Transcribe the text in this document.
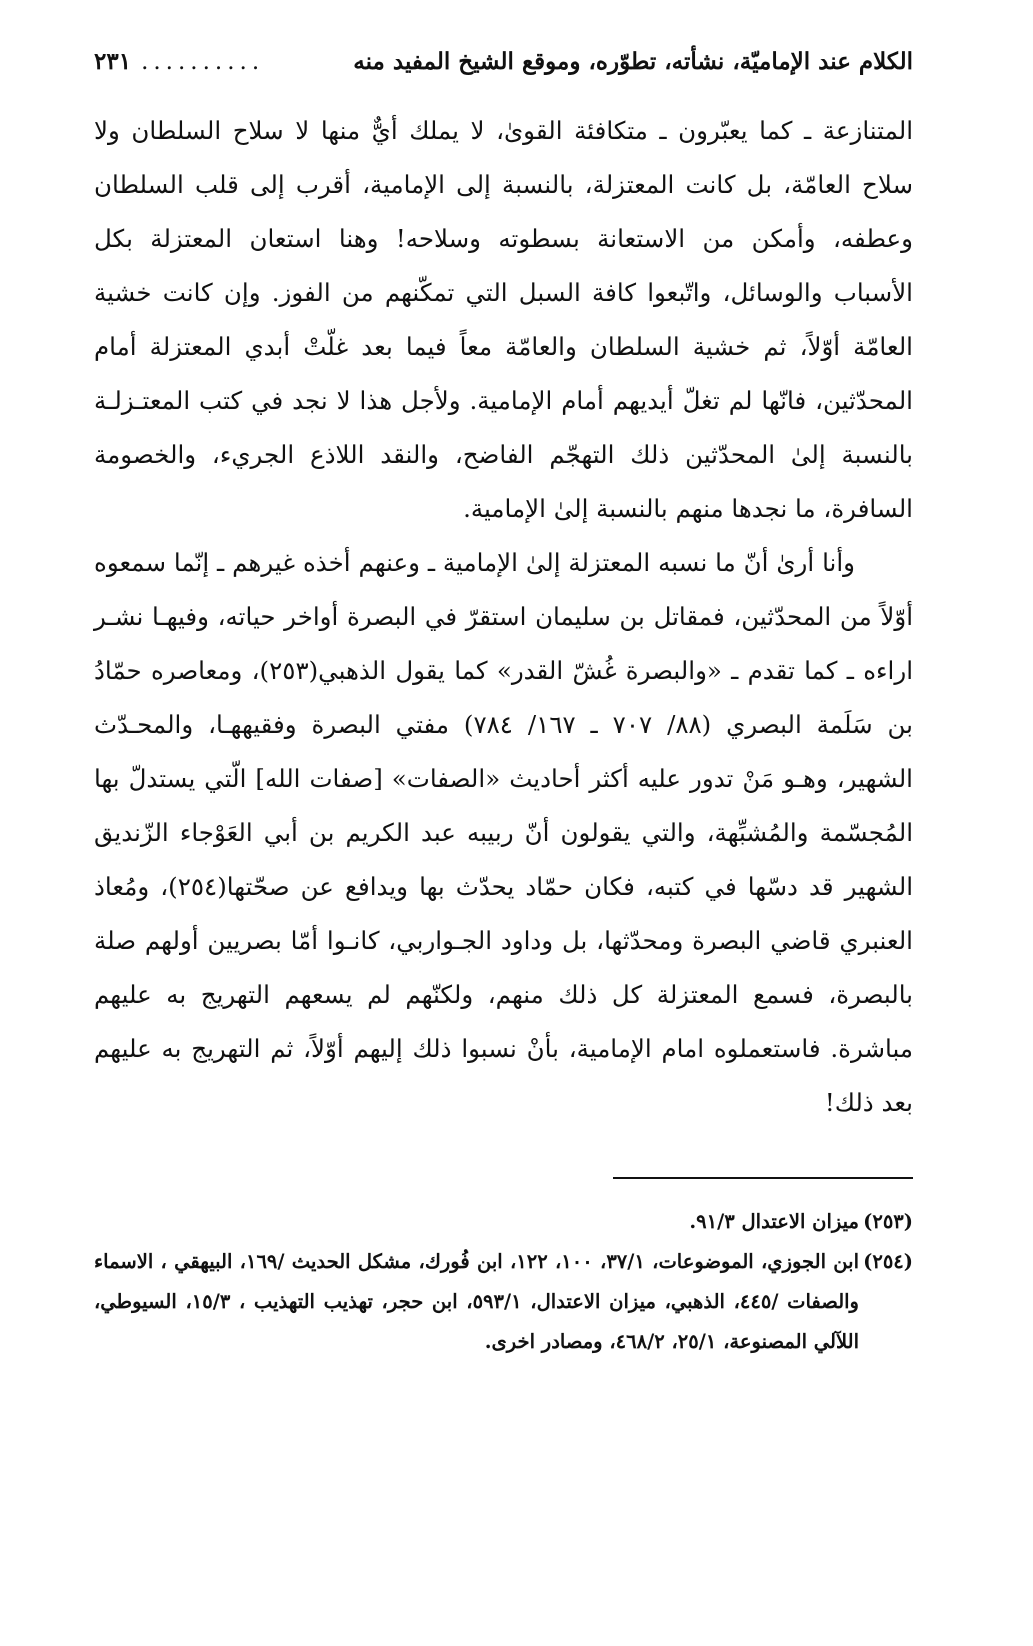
الكلام عند الإماميّة، نشأته، تطوّره، وموقع الشيخ المفيد منه
..........
٢٣١

المتنازعة ـ كما يعبّرون ـ متكافئة القوىٰ، لا يملك أيٌّ منها لا سلاح السلطان ولا سلاح العامّة، بل كانت المعتزلة، بالنسبة إلى الإمامية، أقرب إلى قلب السلطان وعطفه، وأمكن من الاستعانة بسطوته وسلاحه! وهنا استعان المعتزلة بكل الأسباب والوسائل، واتّبعوا كافة السبل التي تمكّنهم من الفوز. وإن كانت خشية العامّة أوّلاً، ثم خشية السلطان والعامّة معاً فيما بعد غلّتْ أبدي المعتزلة أمام المحدّثين، فانّها لم تغلّ أيديهم أمام الإمامية. ولأجل هذا لا نجد في كتب المعتـزلـة بالنسبة إلىٰ المحدّثين ذلك التهجّم الفاضح، والنقد اللاذع الجريء، والخصومة السافرة، ما نجدها منهم بالنسبة إلىٰ الإمامية.

وأنا أرىٰ أنّ ما نسبه المعتزلة إلىٰ الإمامية ـ وعنهم أخذه غيرهم ـ إنّما سمعوه أوّلاً من المحدّثين، فمقاتل بن سليمان استقرّ في البصرة أواخر حياته، وفيهـا نشـر اراءه ـ كما تقدم ـ «والبصرة غُشّ القدر» كما يقول الذهبي(٢٥٣)، ومعاصره حمّادُ بن سَلَمة البصري (٨٨/ ٧٠٧ ـ ١٦٧/ ٧٨٤) مفتي البصرة وفقيههـا، والمحـدّث الشهير، وهـو مَنْ تدور عليه أكثر أحاديث «الصفات» [صفات الله] الّتي يستدلّ بها المُجسّمة والمُشبِّهة، والتي يقولون أنّ ربيبه عبد الكريم بن أبي العَوْجاء الزّنديق الشهير قد دسّها في كتبه، فكان حمّاد يحدّث بها ويدافع عن صحّتها(٢٥٤)، ومُعاذ العنبري قاضي البصرة ومحدّثها، بل وداود الجـواربي، كانـوا أمّا بصريين أولهم صلة بالبصرة، فسمع المعتزلة كل ذلك منهم، ولكنّهم لم يسعهم التهريج به عليهم مباشرة. فاستعملوه امام الإمامية، بأنْ نسبوا ذلك إليهم أوّلاً، ثم التهريج به عليهم بعد ذلك!

(٢٥٣)ميزان الاعتدال ٩١/٣.

(٢٥٤)ابن الجوزي، الموضوعات، ٣٧/١، ١٠٠، ١٢٢، ابن فُورك، مشكل الحديث /١٦٩، البيهقي ، الاسماء والصفات /٤٤٥، الذهبي، ميزان الاعتدال، ٥٩٣/١، ابن حجر، تهذيب التهذيب ، ١٥/٣، السيوطي، اللآلي المصنوعة، ٢٥/١، ٤٦٨/٢، ومصادر اخرى.
